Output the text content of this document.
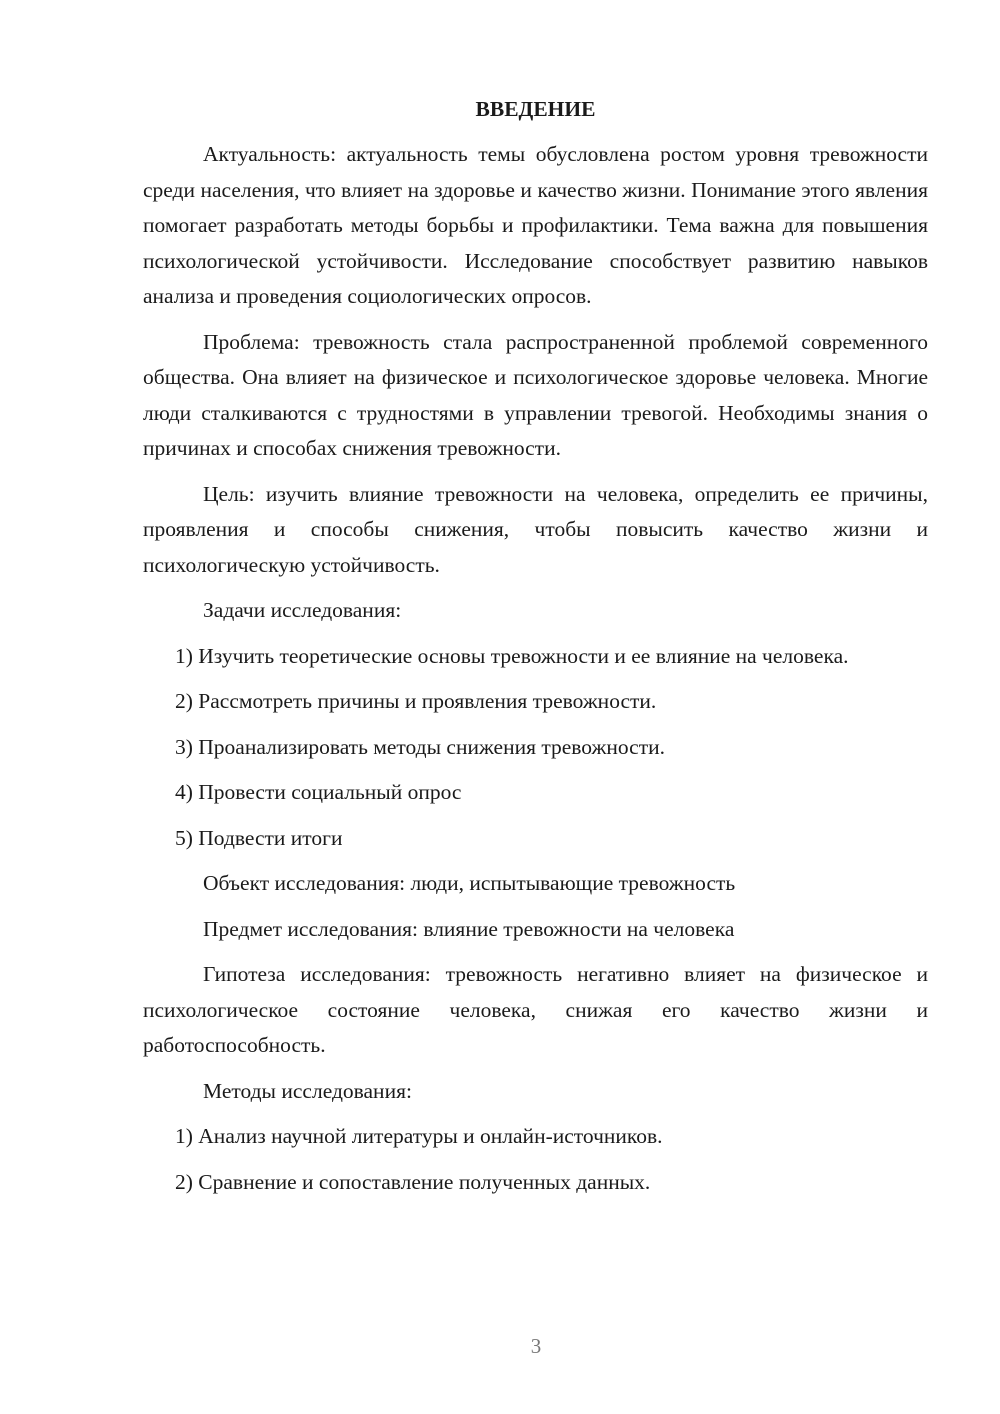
ВВЕДЕНИЕ
Актуальность: актуальность темы обусловлена ростом уровня тревожности среди населения, что влияет на здоровье и качество жизни. Понимание этого явления помогает разработать методы борьбы и профилактики. Тема важна для повышения психологической устойчивости. Исследование способствует развитию навыков анализа и проведения социологических опросов.
Проблема: тревожность стала распространенной проблемой современного общества. Она влияет на физическое и психологическое здоровье человека. Многие люди сталкиваются с трудностями в управлении тревогой. Необходимы знания о причинах и способах снижения тревожности.
Цель: изучить влияние тревожности на человека, определить ее причины, проявления и способы снижения, чтобы повысить качество жизни и психологическую устойчивость.
Задачи исследования:
1) Изучить теоретические основы тревожности и ее влияние на человека.
2) Рассмотреть причины и проявления тревожности.
3) Проанализировать методы снижения тревожности.
4) Провести социальный опрос
5) Подвести итоги
Объект исследования: люди, испытывающие тревожность
Предмет исследования: влияние тревожности на человека
Гипотеза исследования: тревожность негативно влияет на физическое и психологическое состояние человека, снижая его качество жизни и работоспособность.
Методы исследования:
1) Анализ научной литературы и онлайн-источников.
2) Сравнение и сопоставление полученных данных.
3
